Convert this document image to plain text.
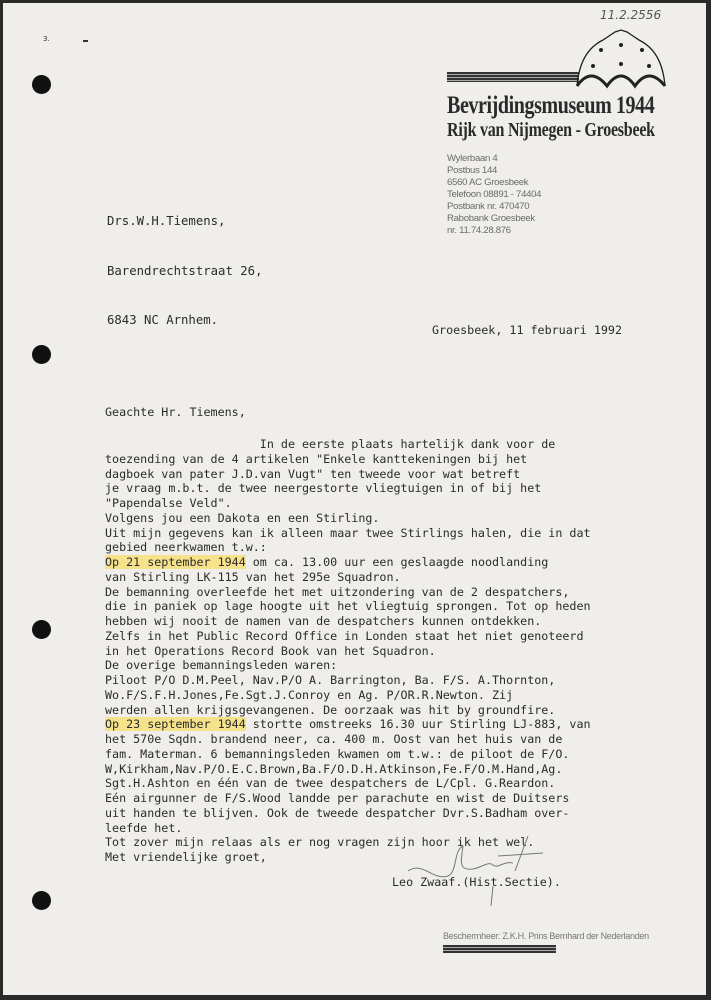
11.2.2556
3.
Bevrijdingsmuseum 1944
Rijk van Nijmegen - Groesbeek
Wylerbaan 4
Postbus 144
6560 AC Groesbeek
Telefoon 08891 - 74404
Postbank nr. 470470
Rabobank Groesbeek
nr. 11.74.28.876

Drs.W.H.Tiemens,

Barendrechtstraat 26,

6843 NC Arnhem.

Groesbeek, 11 februari 1992
Geachte Hr. Tiemens,
In de eerste plaats hartelijk dank voor de
toezending van de 4 artikelen "Enkele kanttekeningen bij het
dagboek van pater J.D.van Vugt" ten tweede voor wat betreft
je vraag m.b.t. de twee neergestorte vliegtuigen in of bij het
"Papendalse Veld".
Volgens jou een Dakota en een Stirling.
Uit mijn gegevens kan ik alleen maar twee Stirlings halen, die in dat
gebied neerkwamen t.w.:
Op 21 september 1944 om ca. 13.00 uur een geslaagde noodlanding
van Stirling LK-115 van het 295e Squadron.
De bemanning overleefde het met uitzondering van de 2 despatchers,
die in paniek op lage hoogte uit het vliegtuig sprongen. Tot op heden
hebben wij nooit de namen van de despatchers kunnen ontdekken.
Zelfs in het Public Record Office in Londen staat het niet genoteerd
in het Operations Record Book van het Squadron.
De overige bemanningsleden waren:
Piloot P/O D.M.Peel, Nav.P/O A. Barrington, Ba. F/S. A.Thornton,
Wo.F/S.F.H.Jones,Fe.Sgt.J.Conroy en Ag. P/OR.R.Newton. Zij
werden allen krijgsgevangenen. De oorzaak was hit by groundfire.
Op 23 september 1944 stortte omstreeks 16.30 uur Stirling LJ-883, van
het 570e Sqdn. brandend neer, ca. 400 m. Oost van het huis van de
fam. Materman. 6 bemanningsleden kwamen om t.w.: de piloot de F/O.
W,Kirkham,Nav.P/O.E.C.Brown,Ba.F/O.D.H.Atkinson,Fe.F/O.M.Hand,Ag.
Sgt.H.Ashton en één van de twee despatchers de L/Cpl. G.Reardon.
Eén airgunner de F/S.Wood landde per parachute en wist de Duitsers
uit handen te blijven. Ook de tweede despatcher Dvr.S.Badham over-
leefde het.
Tot zover mijn relaas als er nog vragen zijn hoor ik het wel.
Met vriendelijke groet,
Leo Zwaaf.(Hist.Sectie).
Beschermheer: Z.K.H. Prins Bernhard der Nederlanden
